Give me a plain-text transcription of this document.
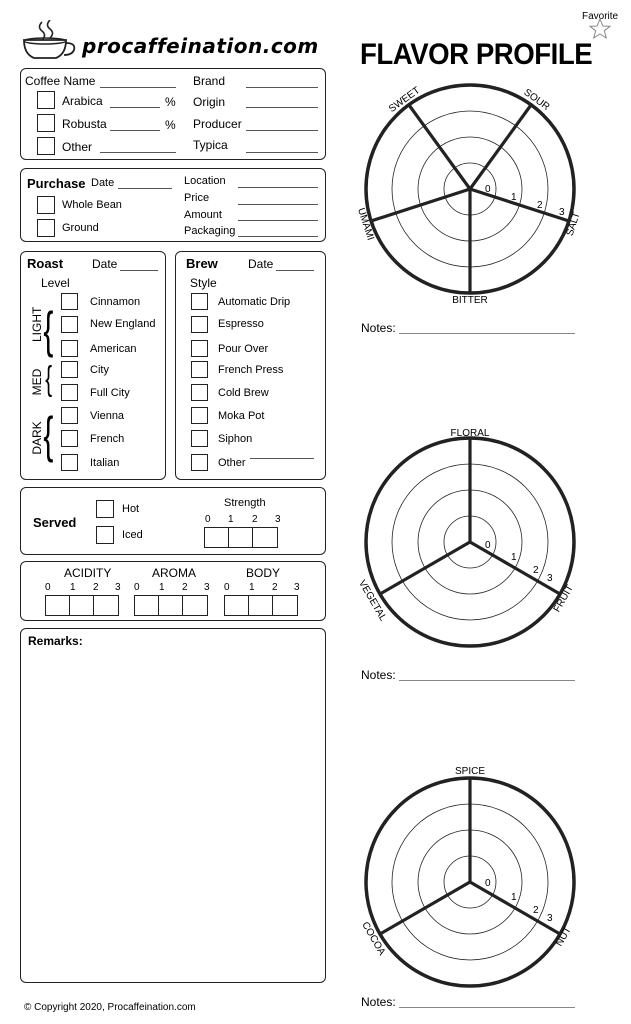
procaffeination.com FLAVOR PROFILE
Favorite
Coffee Name	Brand
Arabica	% Origin
Robusta	% Producer
Other	Typica
Purchase Date	Location
Price
Amount
Packaging
Whole Bean
Ground
Roast Date
Level
LIGHT {
MED {
DARK {
Cinnamon
New England
American
City
Full City
Vienna
French
Italian
Brew	Date
Style
Automatic Drip
Espresso
Pour Over
French Press
Cold Brew
Moka Pot
Siphon
Other
Served
Hot
Iced
Strength
0 1 2 3
ACIDITY	AROMA	BODY
0 1 2 3 0 1 2 3 0 1 2 3
Remarks:
© Copyright 2020, Procaffeination.com
0
1
2
3
SWEET	SOUR
SALT
BITTER
UMAMI
Notes:
0
1
2
3
FLORAL
FRUIT
VEGETAL
Notes:
0
1
2
3
SPICE
NUT
COCOA
Notes:
